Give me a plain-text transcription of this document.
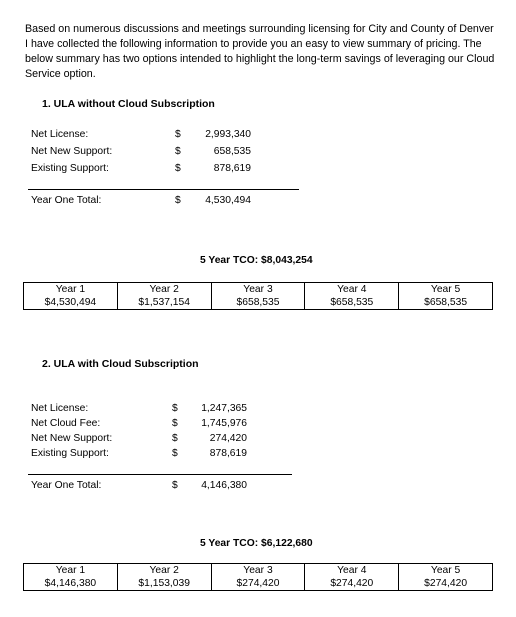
Based on numerous discussions and meetings surrounding licensing for City and County of Denver I have collected the following information to provide you an easy to view summary of pricing. The below summary has two options intended to highlight the long-term savings of leveraging our Cloud Service option.
1. ULA without Cloud Subscription
Net License:	$	2,993,340
Net New Support:	$	658,535
Existing Support:	$	878,619
Year One Total:	$	4,530,494
5 Year TCO: $8,043,254
Year 1	Year 2	Year 3	Year 4	Year 5
$4,530,494	$1,537,154	$658,535	$658,535	$658,535
2. ULA with Cloud Subscription
Net License:	$	1,247,365
Net Cloud Fee:	$	1,745,976
Net New Support:	$	274,420
Existing Support:	$	878,619
Year One Total:	$	4,146,380
5 Year TCO: $6,122,680
Year 1	Year 2	Year 3	Year 4	Year 5
$4,146,380	$1,153,039	$274,420	$274,420	$274,420
